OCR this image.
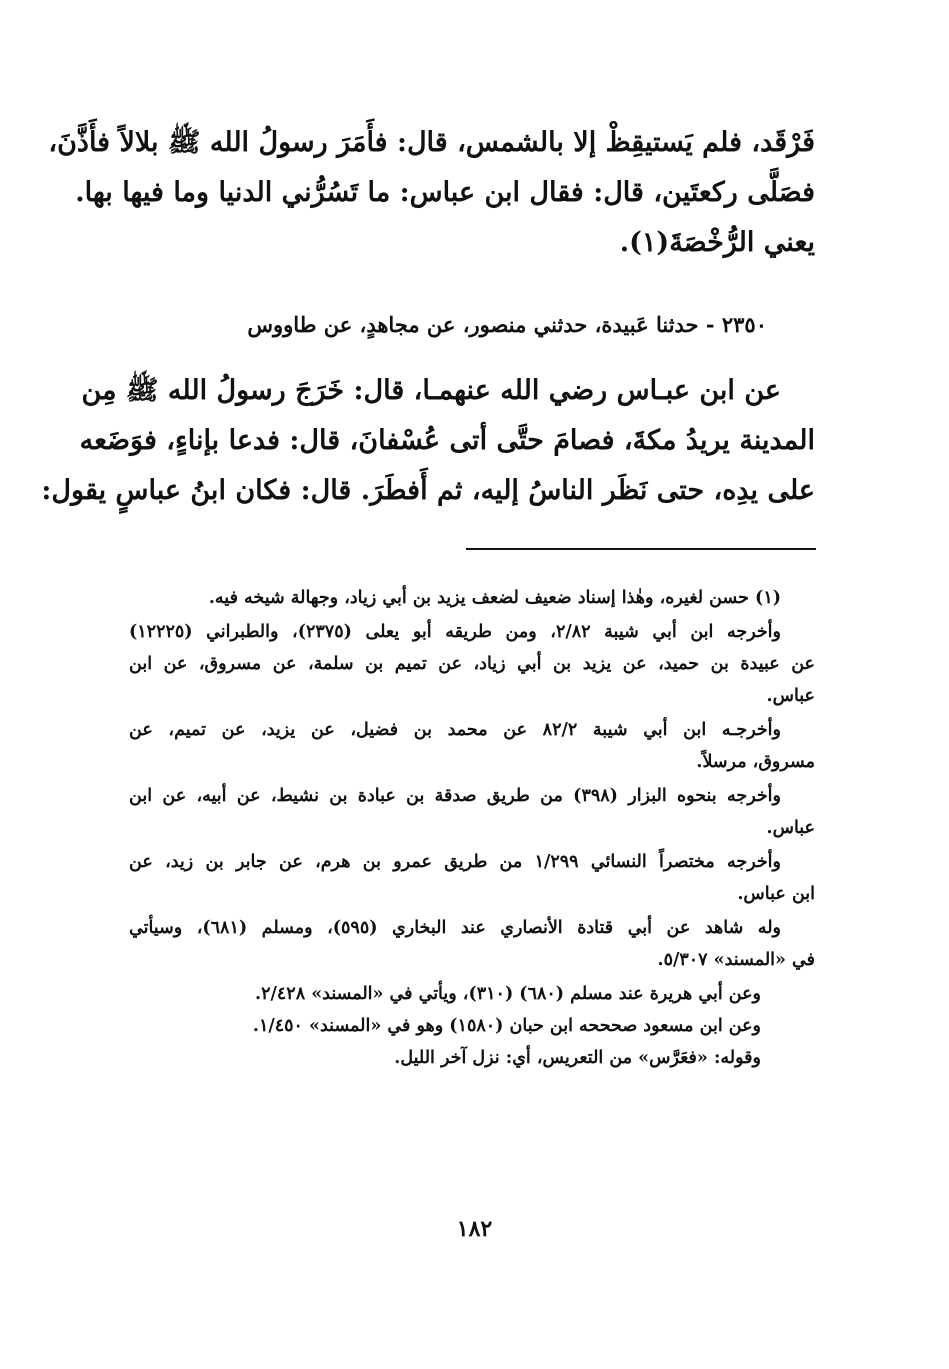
فَرْقَد، فلم يَستيقِظْ إلا بالشمس، قال: فأَمَرَ رسولُ الله ﷺ بلالاً فأَذَّنَ،
فصَلَّى ركعتَين، قال: فقال ابن عباس: ما تَسُرُّني الدنيا وما فيها بها.
يعني الرُّخْصَةَ(١).
٢٣٥٠ - حدثنا عَبيدة، حدثني منصور، عن مجاهدٍ، عن طاووس
عن ابن عبـاس رضي الله عنهمـا، قال: خَرَجَ رسولُ الله ﷺ مِن
المدينة يريدُ مكةَ، فصامَ حتَّى أتى عُسْفانَ، قال: فدعا بإناءٍ، فوَضَعه
على يدِه، حتى نَظَر الناسُ إليه، ثم أَفطَرَ. قال: فكان ابنُ عباسٍ يقول:
(١) حسن لغيره، وهٰذا إسناد ضعيف لضعف يزيد بن أبي زياد، وجهالة شيخه فيه.
وأخرجه ابن أبي شيبة ٢/٨٢، ومن طريقه أبو يعلى (٢٣٧٥)، والطبراني (١٢٢٢٥)
عن عبيدة بن حميد، عن يزيد بن أبي زياد، عن تميم بن سلمة، عن مسروق، عن ابن
عباس.
وأخرجـه ابن أبي شيبة ٨٢/٢ عن محمد بن فضيل، عن يزيد، عن تميم، عن
مسروق، مرسلاً.
وأخرجه بنحوه البزار (٣٩٨) من طريق صدقة بن عبادة بن نشيط، عن أبيه، عن ابن
عباس.
وأخرجه مختصراً النسائي ١/٢٩٩ من طريق عمرو بن هرم، عن جابر بن زيد، عن
ابن عباس.
وله شاهد عن أبي قتادة الأنصاري عند البخاري (٥٩٥)، ومسلم (٦٨١)، وسيأتي
في «المسند» ٥/٣٠٧.
وعن أبي هريرة عند مسلم (٦٨٠) (٣١٠)، ويأتي في «المسند» ٢/٤٢٨.
وعن ابن مسعود صحححه ابن حبان (١٥٨٠) وهو في «المسند» ١/٤٥٠.
وقوله: «فعَرَّس» من التعريس، أي: نزل آخر الليل.
١٨٢
